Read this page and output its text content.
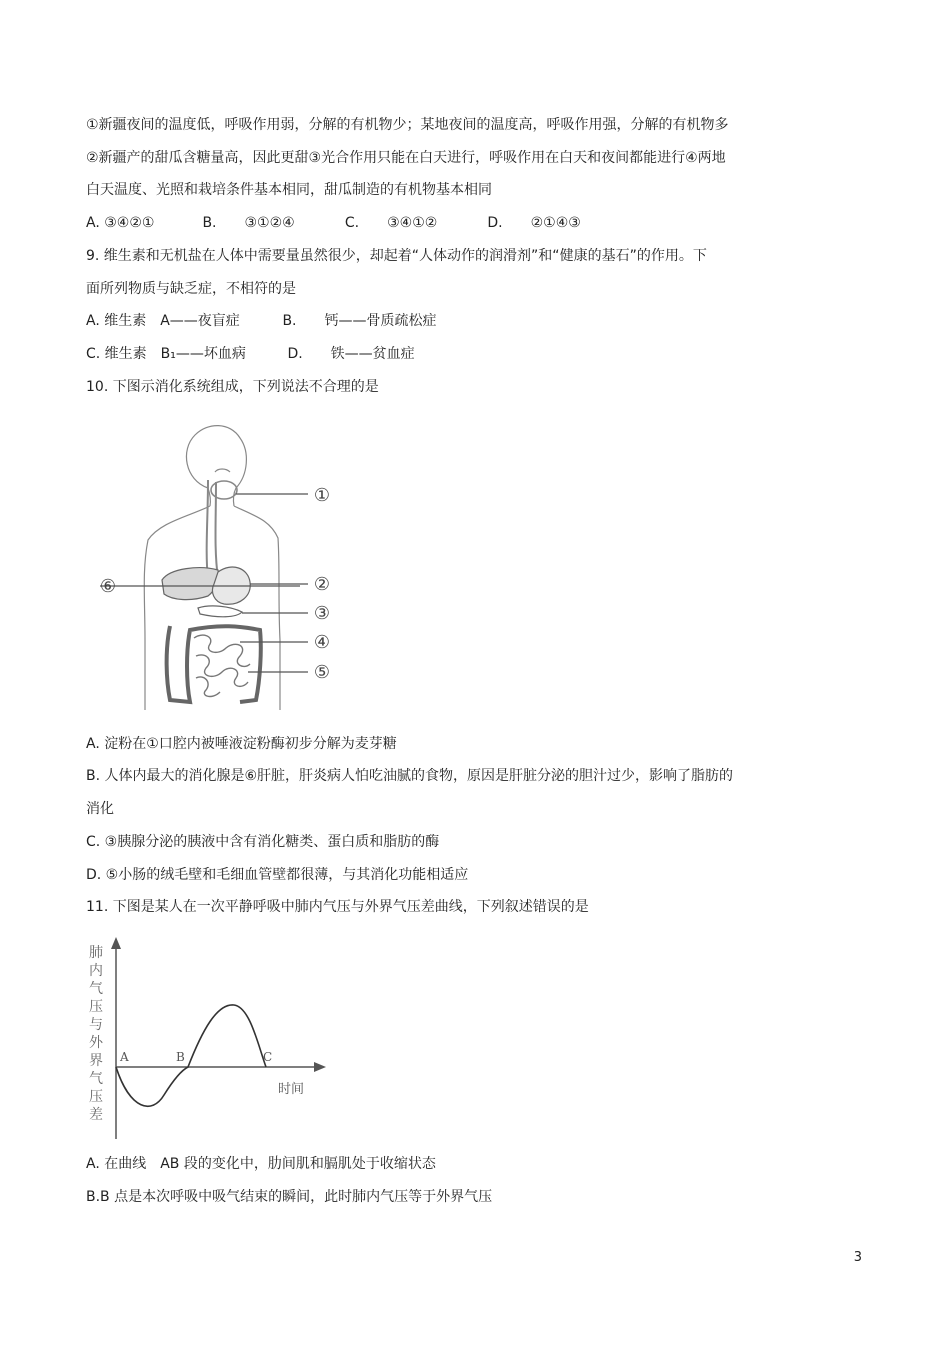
①新疆夜间的温度低，呼吸作用弱，分解的有机物少；某地夜间的温度高，呼吸作用强，分解的有机物多
②新疆产的甜瓜含糖量高，因此更甜③光合作用只能在白天进行，呼吸作用在白天和夜间都能进行④两地
白天温度、光照和栽培条件基本相同，甜瓜制造的有机物基本相同
A. ③④②①	B.　　③①②④	C.　　③④①②	D.　　②①④③
9. 维生素和无机盐在人体中需要量虽然很少，却起着“人体动作的润滑剂”和“健康的基石”的作用。下
面所列物质与缺乏症，不相符的是
A. 维生素　A——夜盲症	B.　　钙——骨质疏松症
C. 维生素　B₁——坏血病	D.　　铁——贫血症
10. 下图示消化系统组成，下列说法不合理的是
①
②
③
④
⑤
⑥
A. 淀粉在①口腔内被唾液淀粉酶初步分解为麦芽糖
B. 人体内最大的消化腺是⑥肝脏，肝炎病人怕吃油腻的食物，原因是肝脏分泌的胆汁过少，影响了脂肪的
消化
C. ③胰腺分泌的胰液中含有消化糖类、蛋白质和脂肪的酶
D. ⑤小肠的绒毛壁和毛细血管壁都很薄，与其消化功能相适应
11. 下图是某人在一次平静呼吸中肺内气压与外界气压差曲线，下列叙述错误的是
肺
内
气
压
与
外
界
气
压
差
A	B	C
时间
A. 在曲线　AB 段的变化中，肋间肌和膈肌处于收缩状态
B.B 点是本次呼吸中吸气结束的瞬间，此时肺内气压等于外界气压
3
